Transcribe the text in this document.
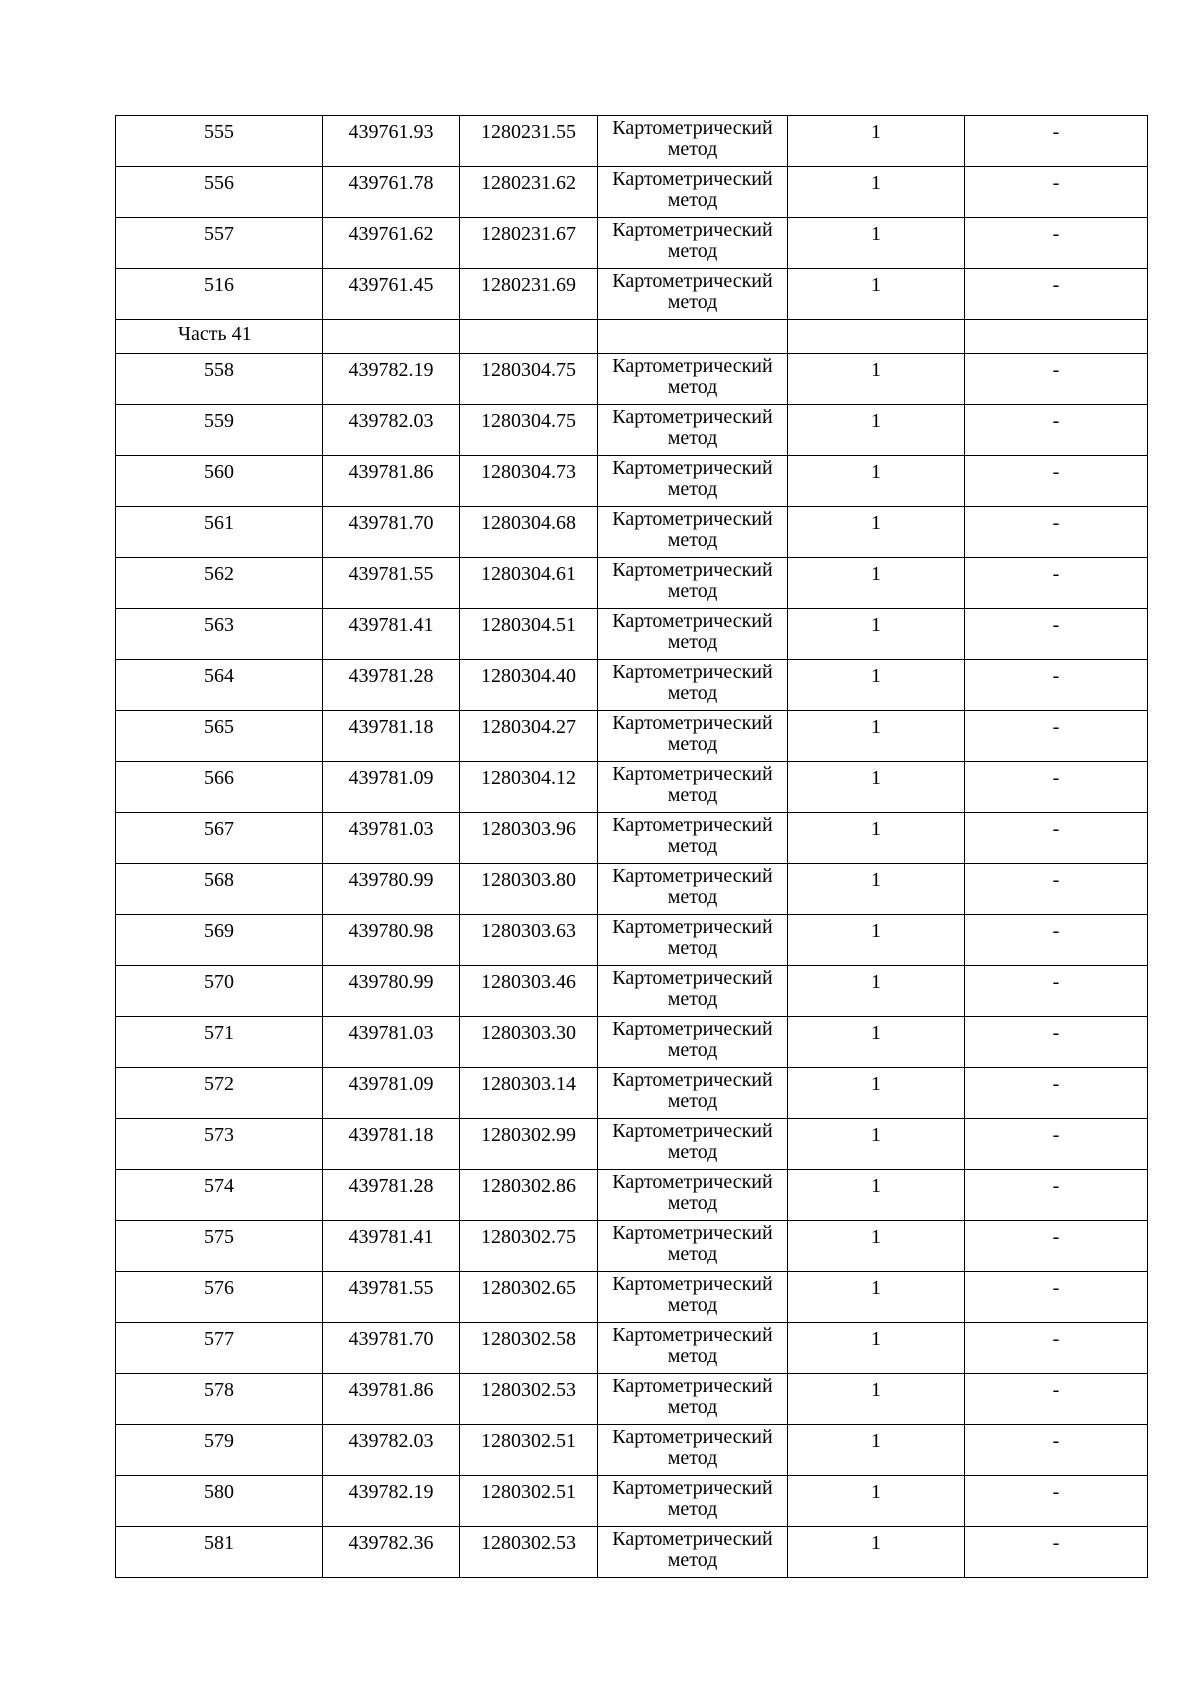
555	439761.93	1280231.55	Картометрический метод	1	-

556	439761.78	1280231.62	Картометрический метод	1	-

557	439761.62	1280231.67	Картометрический метод	1	-

516	439761.45	1280231.69	Картометрический метод	1	-

Часть 41					

558	439782.19	1280304.75	Картометрический метод	1	-

559	439782.03	1280304.75	Картометрический метод	1	-

560	439781.86	1280304.73	Картометрический метод	1	-

561	439781.70	1280304.68	Картометрический метод	1	-

562	439781.55	1280304.61	Картометрический метод	1	-

563	439781.41	1280304.51	Картометрический метод	1	-

564	439781.28	1280304.40	Картометрический метод	1	-

565	439781.18	1280304.27	Картометрический метод	1	-

566	439781.09	1280304.12	Картометрический метод	1	-

567	439781.03	1280303.96	Картометрический метод	1	-

568	439780.99	1280303.80	Картометрический метод	1	-

569	439780.98	1280303.63	Картометрический метод	1	-

570	439780.99	1280303.46	Картометрический метод	1	-

571	439781.03	1280303.30	Картометрический метод	1	-

572	439781.09	1280303.14	Картометрический метод	1	-

573	439781.18	1280302.99	Картометрический метод	1	-

574	439781.28	1280302.86	Картометрический метод	1	-

575	439781.41	1280302.75	Картометрический метод	1	-

576	439781.55	1280302.65	Картометрический метод	1	-

577	439781.70	1280302.58	Картометрический метод	1	-

578	439781.86	1280302.53	Картометрический метод	1	-

579	439782.03	1280302.51	Картометрический метод	1	-

580	439782.19	1280302.51	Картометрический метод	1	-

581	439782.36	1280302.53	Картометрический метод	1	-
